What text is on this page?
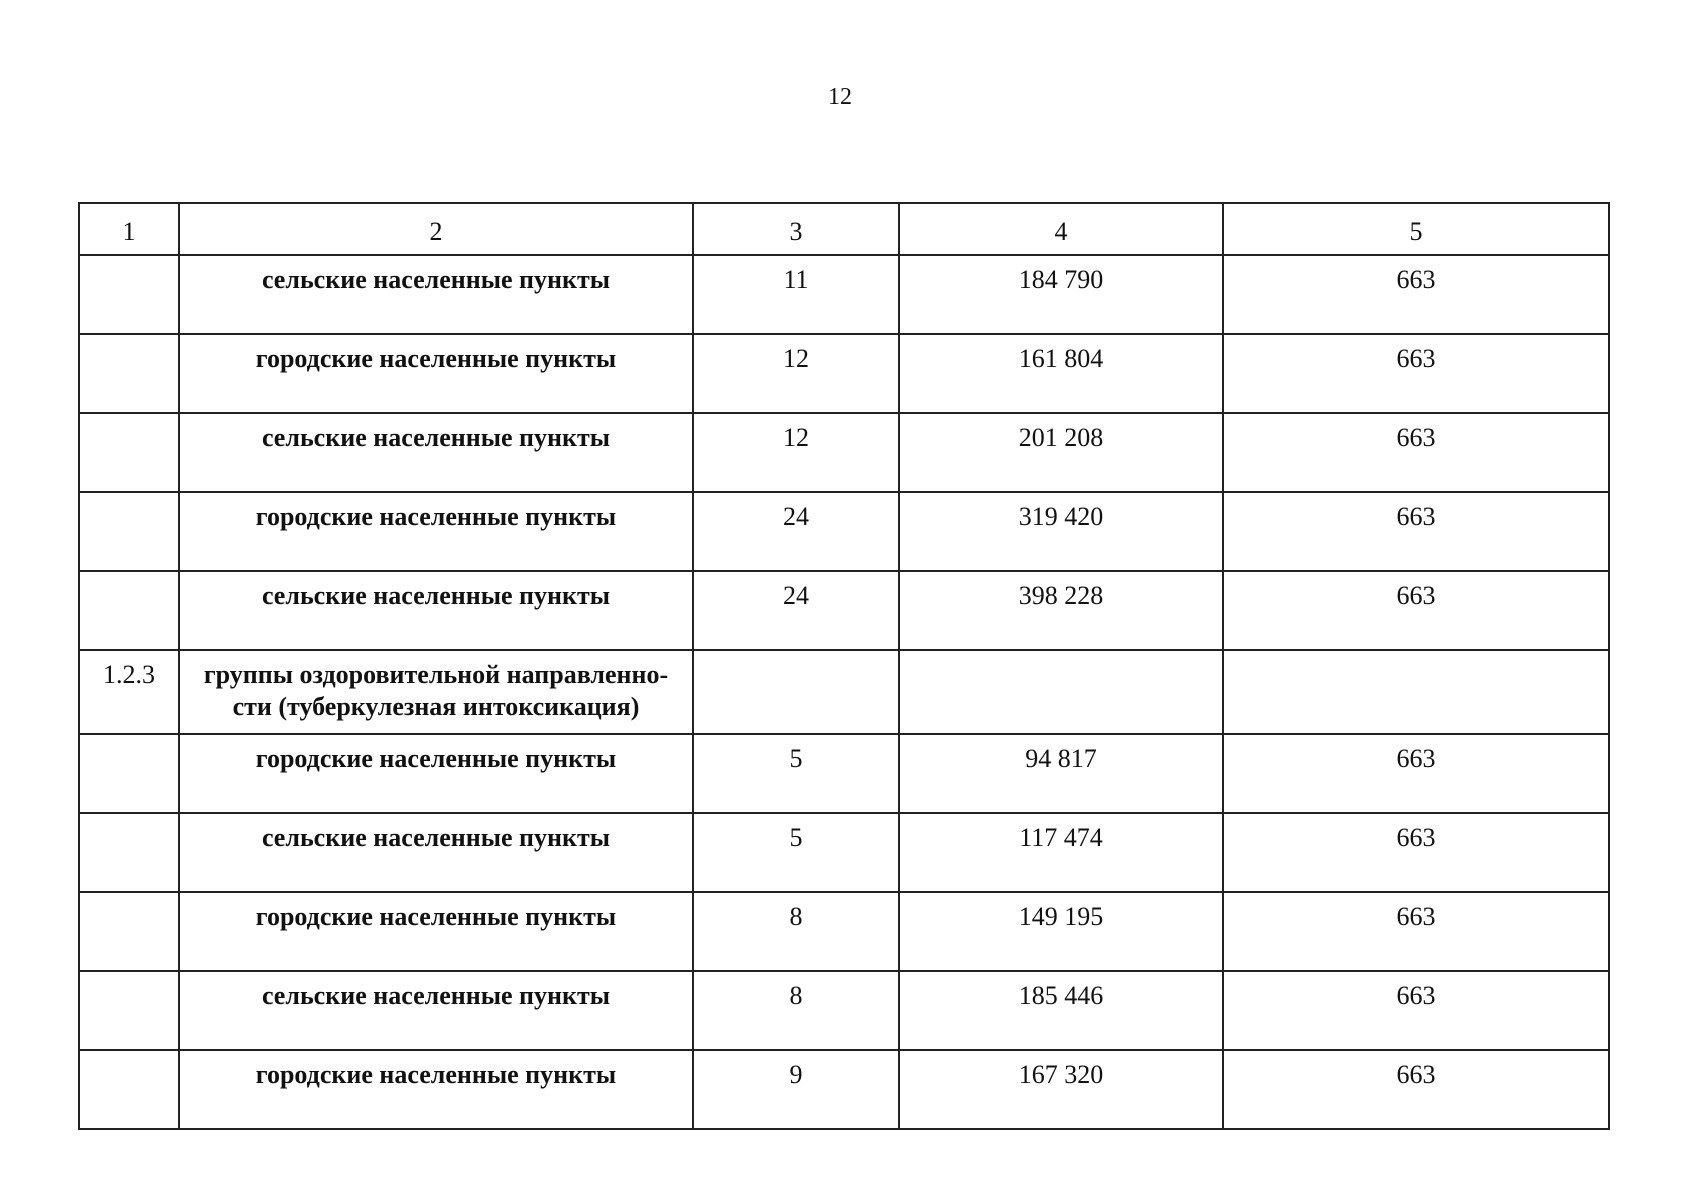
12
1	2	3	4	5
	сельские населенные пункты	11	184 790	663
	городские населенные пункты	12	161 804	663
	сельские населенные пункты	12	201 208	663
	городские населенные пункты	24	319 420	663
	сельские населенные пункты	24	398 228	663
1.2.3	группы оздоровительной направленно-сти (туберкулезная интоксикация)			
	городские населенные пункты	5	94 817	663
	сельские населенные пункты	5	117 474	663
	городские населенные пункты	8	149 195	663
	сельские населенные пункты	8	185 446	663
	городские населенные пункты	9	167 320	663
